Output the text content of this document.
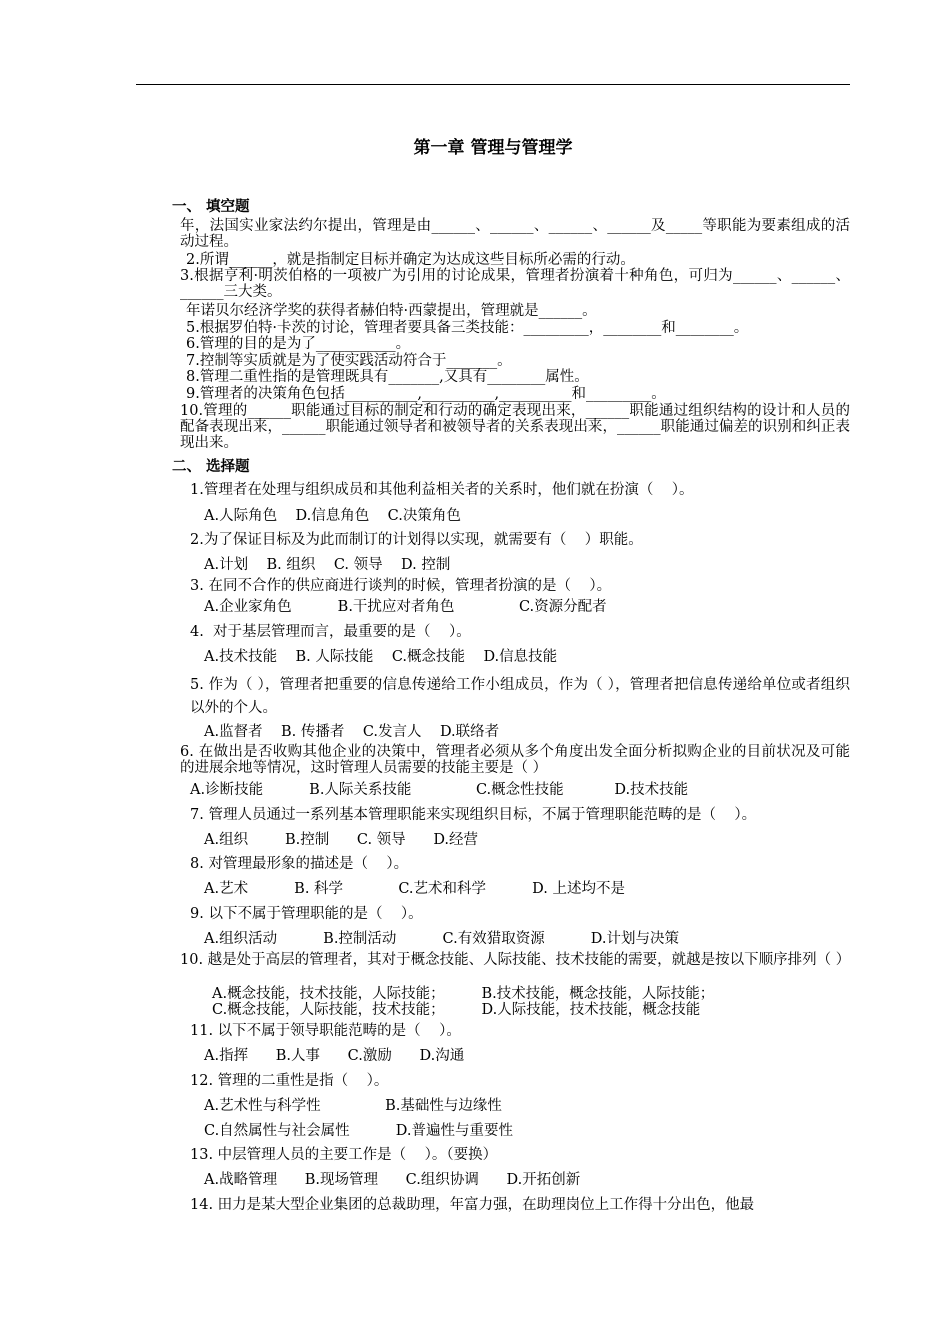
第一章 管理与管理学

一、 填空题

年，法国实业家法约尔提出，管理是由______、______、______、______及_____等职能为要素组成的活动过程。

2.所谓______，就是指制定目标并确定为达成这些目标所必需的行动。

3.根据亨利·明茨伯格的一项被广为引用的讨论成果，管理者扮演着十种角色，可归为______、______、______三大类。

年诺贝尔经济学奖的获得者赫伯特·西蒙提出，管理就是______。

5.根据罗伯特·卡茨的讨论，管理者要具备三类技能：_________，________和________。

6.管理的目的是为了___________。

7.控制等实质就是为了使实践活动符合于_______。

8.管理二重性指的是管理既具有_______,又具有________属性。

9.管理者的决策角色包括__________,__________,__________和_________。

10.管理的______职能通过目标的制定和行动的确定表现出来，______职能通过组织结构的设计和人员的配备表现出来，______职能通过领导者和被领导者的关系表现出来，______职能通过偏差的识别和纠正表现出来。

二、 选择题

1.管理者在处理与组织成员和其他利益相关者的关系时，他们就在扮演（    ）。

A.人际角色    D.信息角色    C.决策角色

2.为了保证目标及为此而制订的计划得以实现，就需要有（    ）职能。

A.计划    B. 组织    C. 领导    D. 控制

3. 在同不合作的供应商进行谈判的时候，管理者扮演的是（    ）。

A.企业家角色          B.干扰应对者角色              C.资源分配者

4.  对于基层管理而言，最重要的是（    ）。

A.技术技能    B. 人际技能    C.概念技能    D.信息技能

5. 作为（ ），管理者把重要的信息传递给工作小组成员，作为（ ），管理者把信息传递给单位或者组织以外的个人。

A.监督者    B. 传播者    C.发言人    D.联络者

6. 在做出是否收购其他企业的决策中，管理者必须从多个角度出发全面分析拟购企业的目前状况及可能的进展余地等情况，这时管理人员需要的技能主要是（ ）

A.诊断技能          B.人际关系技能              C.概念性技能           D.技术技能

7. 管理人员通过一系列基本管理职能来实现组织目标，不属于管理职能范畴的是（    ）。

A.组织        B.控制      C. 领导      D.经营

8. 对管理最形象的描述是（    ）。

A.艺术          B. 科学            C.艺术和科学          D. 上述均不是

9. 以下不属于管理职能的是（    ）。

A.组织活动          B.控制活动          C.有效猎取资源          D.计划与决策

10. 越是处于高层的管理者，其对于概念技能、人际技能、技术技能的需要，就越是按以下顺序排列（ ）

A.概念技能，技术技能，人际技能；        B.技术技能，概念技能，人际技能；

C.概念技能，人际技能，技术技能；        D.人际技能，技术技能，概念技能

11. 以下不属于领导职能范畴的是（    ）。

A.指挥      B.人事      C.激励      D.沟通

12. 管理的二重性是指（    ）。

A.艺术性与科学性              B.基础性与边缘性

C.自然属性与社会属性          D.普遍性与重要性

13. 中层管理人员的主要工作是（    ）。（要换）

A.战略管理      B.现场管理      C.组织协调      D.开拓创新

14. 田力是某大型企业集团的总裁助理，年富力强，在助理岗位上工作得十分出色，他最
